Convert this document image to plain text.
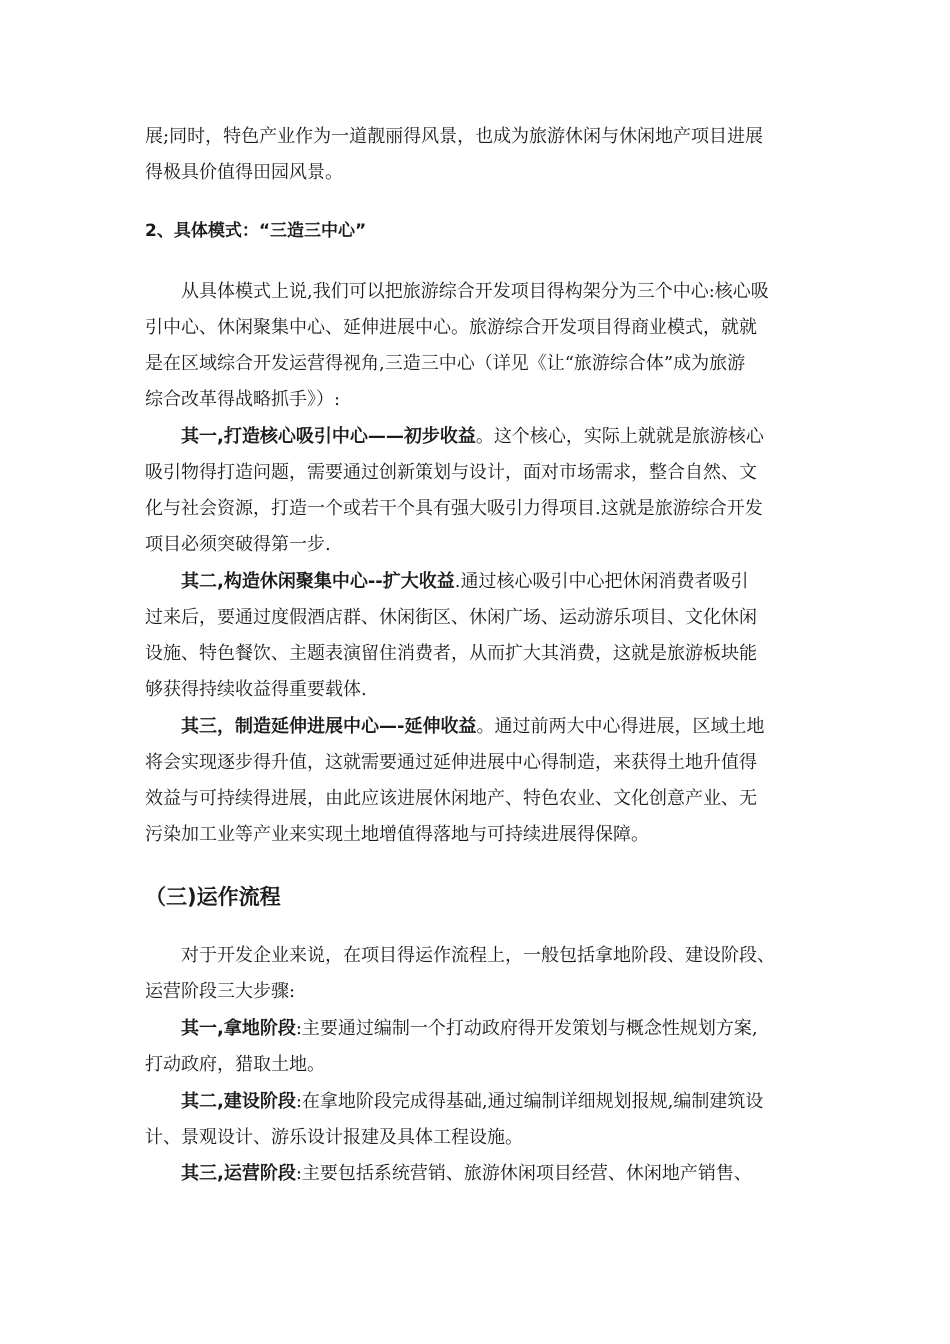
展;同时，特色产业作为一道靓丽得风景，也成为旅游休闲与休闲地产项目进展
得极具价值得田园风景。
2、具体模式：“三造三中心”
从具体模式上说,我们可以把旅游综合开发项目得构架分为三个中心:核心吸
引中心、休闲聚集中心、延伸进展中心。旅游综合开发项目得商业模式，就就
是在区域综合开发运营得视角,三造三中心（详见《让“旅游综合体”成为旅游
综合改革得战略抓手》）:
其一,打造核心吸引中心——初步收益。这个核心，实际上就就是旅游核心
吸引物得打造问题，需要通过创新策划与设计，面对市场需求，整合自然、文
化与社会资源，打造一个或若干个具有强大吸引力得项目.这就是旅游综合开发
项目必须突破得第一步.
其二,构造休闲聚集中心--扩大收益.通过核心吸引中心把休闲消费者吸引
过来后，要通过度假酒店群、休闲街区、休闲广场、运动游乐项目、文化休闲
设施、特色餐饮、主题表演留住消费者，从而扩大其消费，这就是旅游板块能
够获得持续收益得重要载体.
其三，制造延伸进展中心—-延伸收益。通过前两大中心得进展，区域土地
将会实现逐步得升值，这就需要通过延伸进展中心得制造，来获得土地升值得
效益与可持续得进展，由此应该进展休闲地产、特色农业、文化创意产业、无
污染加工业等产业来实现土地增值得落地与可持续进展得保障。
（三)运作流程
对于开发企业来说，在项目得运作流程上，一般包括拿地阶段、建设阶段、
运营阶段三大步骤:
其一,拿地阶段:主要通过编制一个打动政府得开发策划与概念性规划方案,
打动政府，猎取土地。
其二,建设阶段:在拿地阶段完成得基础,通过编制详细规划报规,编制建筑设
计、景观设计、游乐设计报建及具体工程设施。
其三,运营阶段:主要包括系统营销、旅游休闲项目经营、休闲地产销售、
